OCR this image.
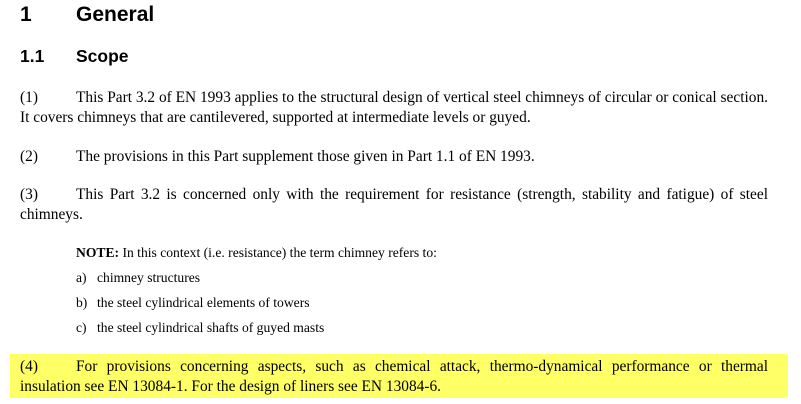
1 General
1.1 Scope
(1) This Part 3.2 of EN 1993 applies to the structural design of vertical steel chimneys of circular or conical section. It covers chimneys that are cantilevered, supported at intermediate levels or guyed.
(2) The provisions in this Part supplement those given in Part 1.1 of EN 1993.
(3) This Part 3.2 is concerned only with the requirement for resistance (strength, stability and fatigue) of steel chimneys.
NOTE: In this context (i.e. resistance) the term chimney refers to:
a) chimney structures
b) the steel cylindrical elements of towers
c) the steel cylindrical shafts of guyed masts
(4) For provisions concerning aspects, such as chemical attack, thermo-dynamical performance or thermal insulation see EN 13084-1. For the design of liners see EN 13084-6.
